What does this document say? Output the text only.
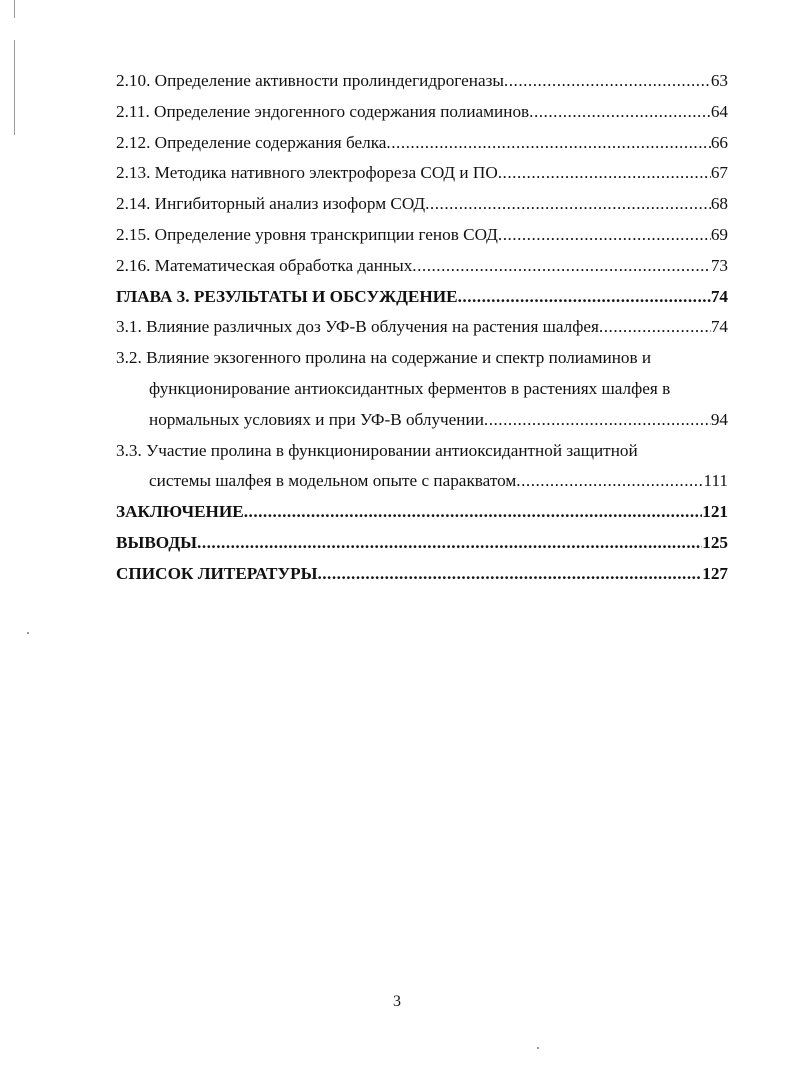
2.10. Определение активности пролиндегидрогеназы .....	63
2.11. Определение эндогенного содержания полиаминов .....	64
2.12. Определение содержания белка .....	66
2.13. Методика нативного электрофореза СОД и ПО .....	67
2.14. Ингибиторный анализ изоформ СОД .....	68
2.15. Определение уровня транскрипции генов СОД .....	69
2.16. Математическая обработка данных .....	73
ГЛАВА 3. РЕЗУЛЬТАТЫ И ОБСУЖДЕНИЕ .....	74
3.1. Влияние различных доз УФ-В облучения на растения шалфея .....	74
3.2. Влияние экзогенного пролина на содержание и спектр полиаминов и
функционирование антиоксидантных ферментов в растениях шалфея в
нормальных условиях и при УФ-В облучении .....	94
3.3. Участие пролина в функционировании антиоксидантной защитной
системы шалфея в модельном опыте с паракватом .....	111
ЗАКЛЮЧЕНИЕ .....	121
ВЫВОДЫ .....	125
СПИСОК ЛИТЕРАТУРЫ .....	127
3
